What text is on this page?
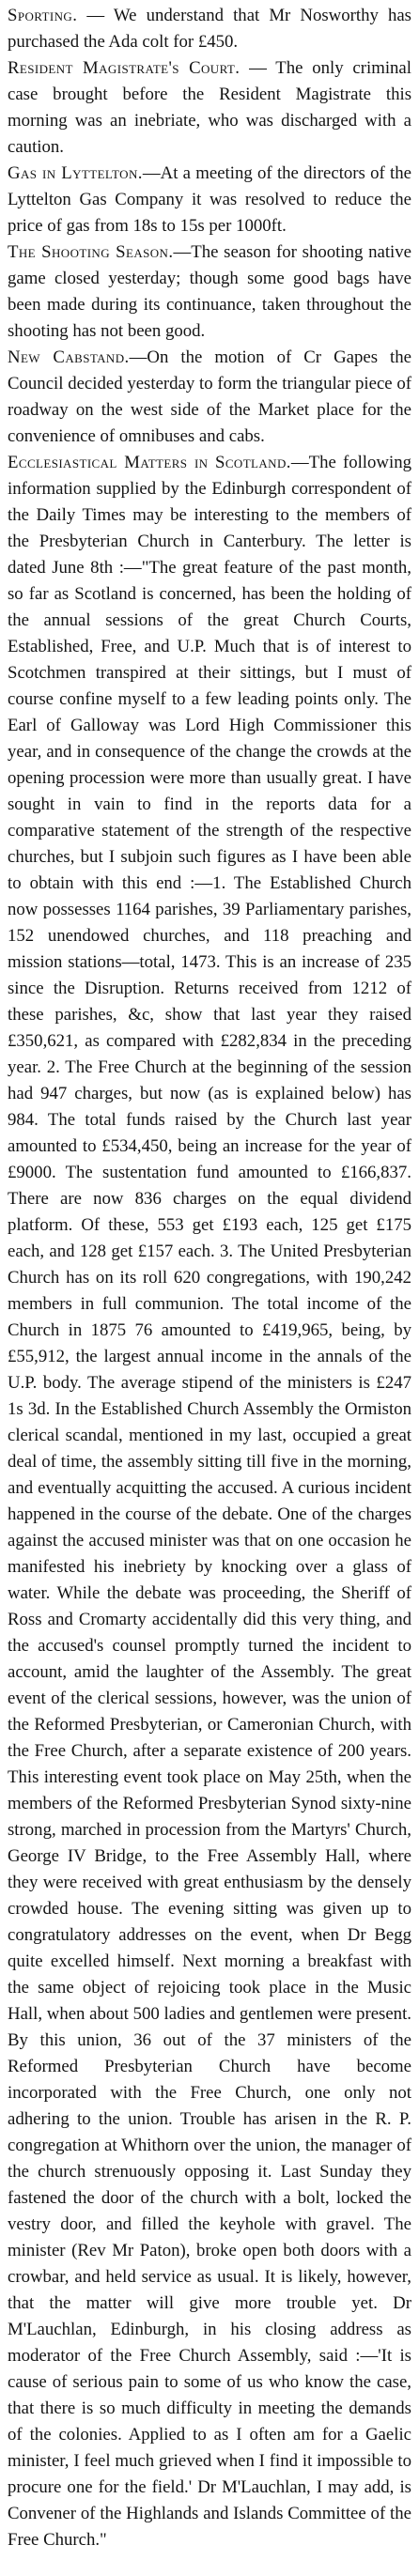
Sporting. — We understand that Mr Nosworthy has purchased the Ada colt for £450.

Resident Magistrate's Court. — The only criminal case brought before the Resident Magistrate this morning was an inebriate, who was discharged with a caution.

Gas in Lyttelton.—At a meeting of the directors of the Lyttelton Gas Company it was resolved to reduce the price of gas from 18s to 15s per 1000ft.

The Shooting Season.—The season for shooting native game closed yesterday; though some good bags have been made during its continuance, taken throughout the shooting has not been good.

New Cabstand.—On the motion of Cr Gapes the Council decided yesterday to form the triangular piece of roadway on the west side of the Market place for the convenience of omnibuses and cabs.

Ecclesiastical Matters in Scotland.—The following information supplied by the Edinburgh correspondent of the Daily Times may be interesting to the members of the Presbyterian Church in Canterbury. The letter is dated June 8th :—"The great feature of the past month, so far as Scotland is concerned, has been the holding of the annual sessions of the great Church Courts, Established, Free, and U.P. Much that is of interest to Scotchmen transpired at their sittings, but I must of course confine myself to a few leading points only. The Earl of Galloway was Lord High Commissioner this year, and in consequence of the change the crowds at the opening procession were more than usually great. I have sought in vain to find in the reports data for a comparative statement of the strength of the respective churches, but I subjoin such figures as I have been able to obtain with this end :—1. The Established Church now possesses 1164 parishes, 39 Parliamentary parishes, 152 unendowed churches, and 118 preaching and mission stations—total, 1473. This is an increase of 235 since the Disruption. Returns received from 1212 of these parishes, &c, show that last year they raised £350,621, as compared with £282,834 in the preceding year. 2. The Free Church at the beginning of the session had 947 charges, but now (as is explained below) has 984. The total funds raised by the Church last year amounted to £534,450, being an increase for the year of £9000. The sustentation fund amounted to £166,837. There are now 836 charges on the equal dividend platform. Of these, 553 get £193 each, 125 get £175 each, and 128 get £157 each. 3. The United Presbyterian Church has on its roll 620 congregations, with 190,242 members in full communion. The total income of the Church in 1875 76 amounted to £419,965, being, by £55,912, the largest annual income in the annals of the U.P. body. The average stipend of the ministers is £247 1s 3d. In the Established Church Assembly the Ormiston clerical scandal, mentioned in my last, occupied a great deal of time, the assembly sitting till five in the morning, and eventually acquitting the accused. A curious incident happened in the course of the debate. One of the charges against the accused minister was that on one occasion he manifested his inebriety by knocking over a glass of water. While the debate was proceeding, the Sheriff of Ross and Cromarty accidentally did this very thing, and the accused's counsel promptly turned the incident to account, amid the laughter of the Assembly. The great event of the clerical sessions, however, was the union of the Reformed Presbyterian, or Cameronian Church, with the Free Church, after a separate existence of 200 years. This interesting event took place on May 25th, when the members of the Reformed Presbyterian Synod sixty-nine strong, marched in procession from the Martyrs' Church, George IV Bridge, to the Free Assembly Hall, where they were received with great enthusiasm by the densely crowded house. The evening sitting was given up to congratulatory addresses on the event, when Dr Begg quite excelled himself. Next morning a breakfast with the same object of rejoicing took place in the Music Hall, when about 500 ladies and gentlemen were present. By this union, 36 out of the 37 ministers of the Reformed Presbyterian Church have become incorporated with the Free Church, one only not adhering to the union. Trouble has arisen in the R. P. congregation at Whithorn over the union, the manager of the church strenuously opposing it. Last Sunday they fastened the door of the church with a bolt, locked the vestry door, and filled the keyhole with gravel. The minister (Rev Mr Paton), broke open both doors with a crowbar, and held service as usual. It is likely, however, that the matter will give more trouble yet. Dr M'Lauchlan, Edinburgh, in his closing address as moderator of the Free Church Assembly, said :—'It is cause of serious pain to some of us who know the case, that there is so much difficulty in meeting the demands of the colonies. Applied to as I often am for a Gaelic minister, I feel much grieved when I find it impossible to procure one for the field.' Dr M'Lauchlan, I may add, is Convener of the Highlands and Islands Committee of the Free Church."
